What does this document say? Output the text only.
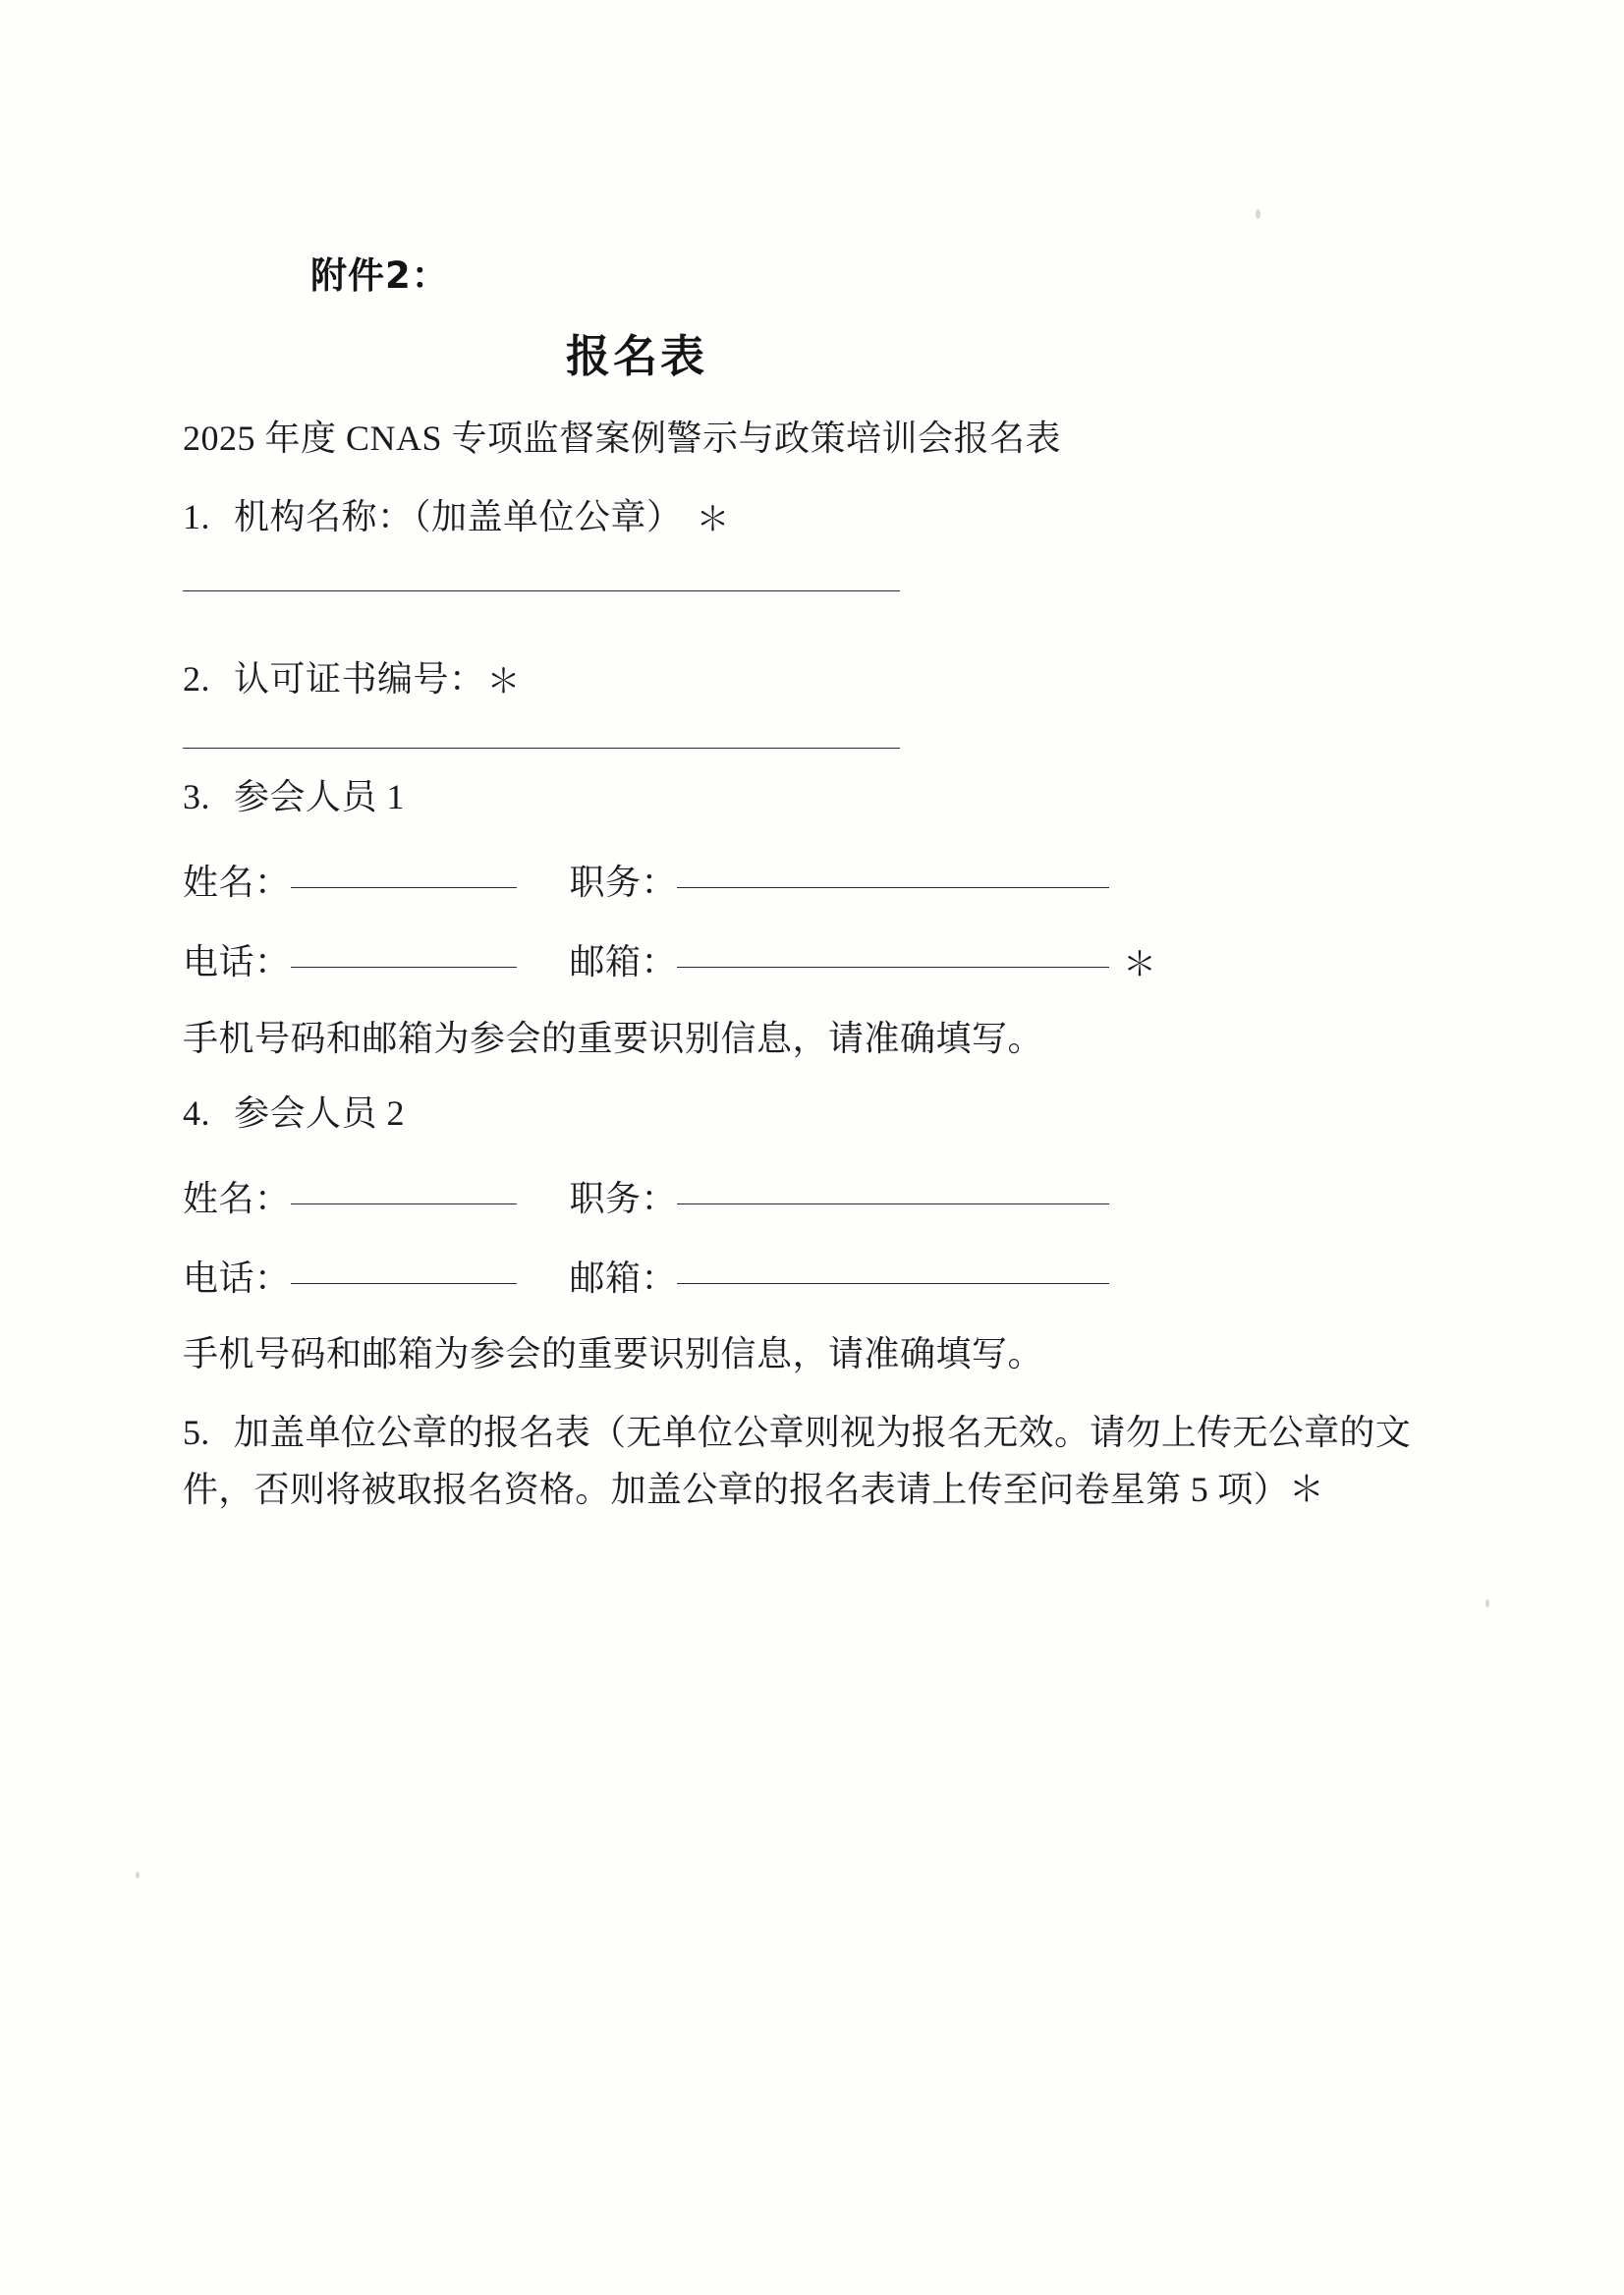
附件2：
报名表
2025 年度 CNAS 专项监督案例警示与政策培训会报名表
1. 机构名称：（加盖单位公章） ＊
2. 认可证书编号：＊
3. 参会人员 1
姓名：	职务：
电话：	邮箱：	＊
手机号码和邮箱为参会的重要识别信息，请准确填写。
4. 参会人员 2
姓名：	职务：
电话：	邮箱：
手机号码和邮箱为参会的重要识别信息，请准确填写。
5. 加盖单位公章的报名表（无单位公章则视为报名无效。请勿上传无公章的文件，否则将被取报名资格。加盖公章的报名表请上传至问卷星第 5 项）＊
